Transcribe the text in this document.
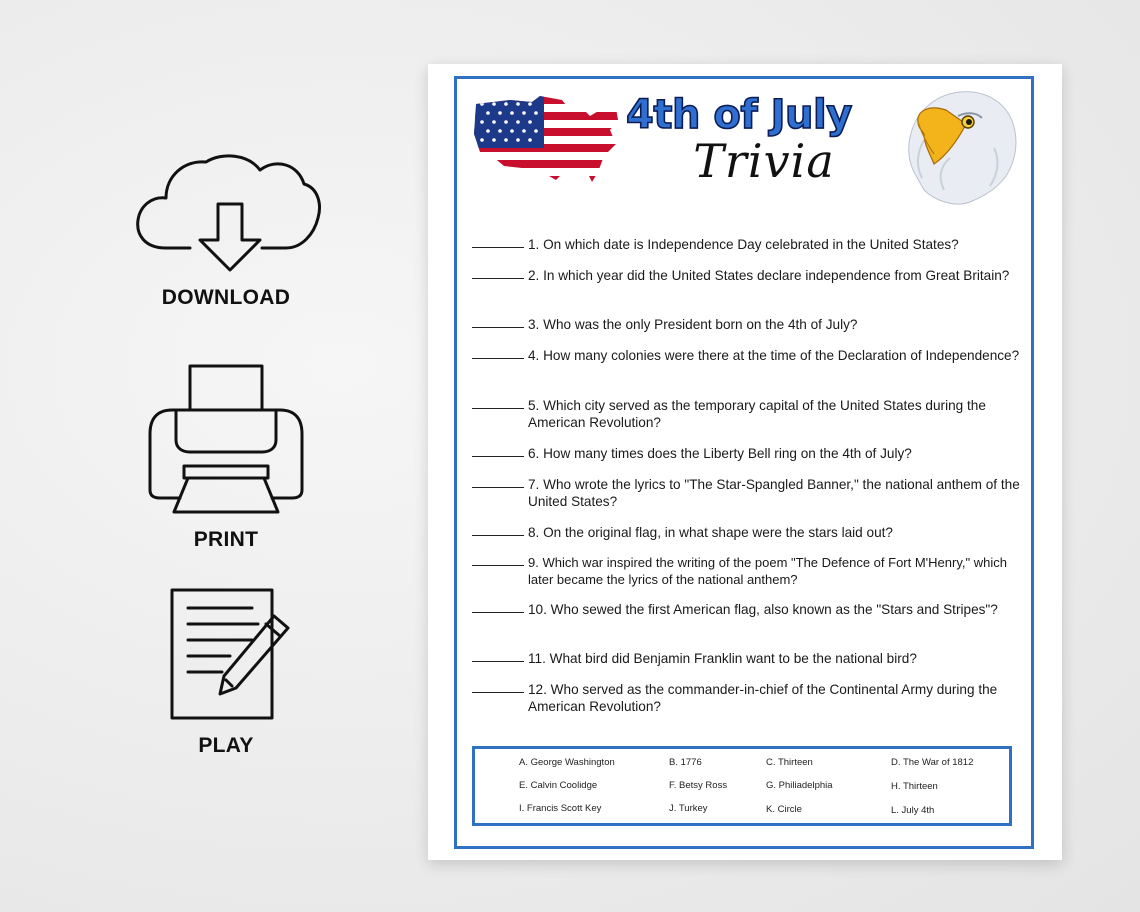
DOWNLOAD
PRINT
PLAY
4th of July
Trivia
1. On which date is Independence Day celebrated in the United States?
2. In which year did the United States declare independence from Great Britain?
3. Who was the only President born on the 4th of July?
4. How many colonies were there at the time of the Declaration of Independence?
5. Which city served as the temporary capital of the United States during the American Revolution?
6. How many times does the Liberty Bell ring on the 4th of July?
7. Who wrote the lyrics to "The Star-Spangled Banner," the national anthem of the United States?
8. On the original flag, in what shape were the stars laid out?
9. Which war inspired the writing of the poem "The Defence of Fort M'Henry," which later became the lyrics of the national anthem?
10. Who sewed the first American flag, also known as the "Stars and Stripes"?
11. What bird did Benjamin Franklin want to be the national bird?
12. Who served as the commander-in-chief of the Continental Army during the American Revolution?
A. George Washington	B. 1776	C. Thirteen	D. The War of 1812
E. Calvin Coolidge	F. Betsy Ross	G. Philiadelphia	H. Thirteen
I. Francis Scott Key	J. Turkey	K. Circle	L. July 4th
